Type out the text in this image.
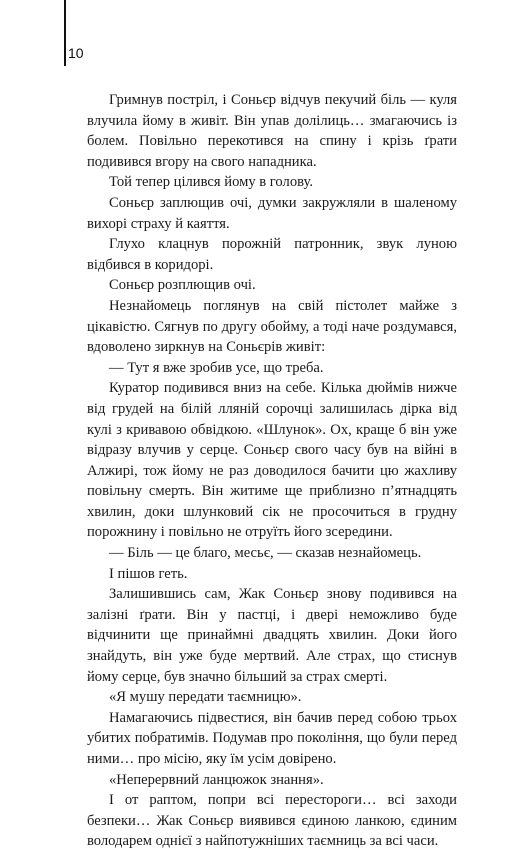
10

Гримнув постріл, і Соньєр відчув пекучий біль — куля влучила йому в живіт. Він упав долілиць… змагаючись із болем. Повільно перекотився на спину і крізь ґрати подивився вгору на свого нападника.

Той тепер цілився йому в голову.

Соньєр заплющив очі, думки закружляли в шаленому вихорі страху й каяття.

Глухо клацнув порожній патронник, звук луною відбився в коридорі.

Соньєр розплющив очі.

Незнайомець поглянув на свій пістолет майже з цікавістю. Сягнув по другу обойму, а тоді наче роздумався, вдоволено зиркнув на Соньєрів живіт:

— Тут я вже зробив усе, що треба.

Куратор подивився вниз на себе. Кілька дюймів нижче від грудей на білій лляній сорочці залишилась дірка від кулі з кривавою обвідкою. «Шлунок». Ох, краще б він уже відразу влучив у серце. Соньєр свого часу був на війні в Алжирі, тож йому не раз доводилося бачити цю жахливу повільну смерть. Він житиме ще приблизно п’ятнадцять хвилин, доки шлунковий сік не просочиться в грудну порожнину і повільно не отруїть його зсередини.

— Біль — це благо, месьє, — сказав незнайомець.

І пішов геть.

Залишившись сам, Жак Соньєр знову подивився на залізні ґрати. Він у пастці, і двері неможливо буде відчинити ще принаймні двадцять хвилин. Доки його знайдуть, він уже буде мертвий. Але страх, що стиснув йому серце, був значно більший за страх смерті.

«Я мушу передати таємницю».

Намагаючись підвестися, він бачив перед собою трьох убитих побратимів. Подумав про покоління, що були перед ними… про місію, яку їм усім довірено.

«Неперервний ланцюжок знання».

І от раптом, попри всі перестороги… всі заходи безпеки… Жак Соньєр виявився єдиною ланкою, єдиним володарем однієї з найпотужніших таємниць за всі часи.
